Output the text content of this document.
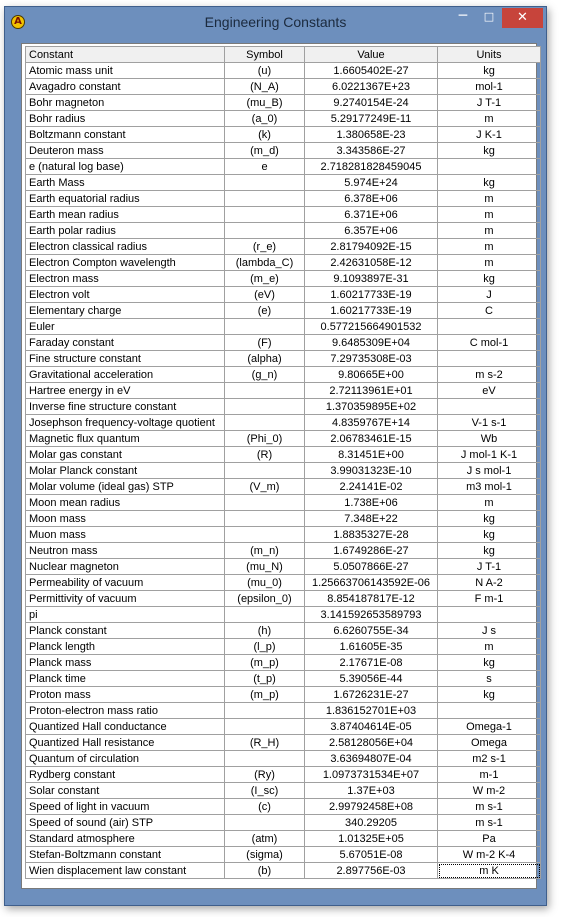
A	Engineering Constants	─	□	✕
Constant	Symbol	Value	Units
Atomic mass unit	(u)	1.6605402E-27	kg
Avagadro constant	(N_A)	6.0221367E+23	mol-1
Bohr magneton	(mu_B)	9.2740154E-24	J T-1
Bohr radius	(a_0)	5.29177249E-11	m
Boltzmann constant	(k)	1.380658E-23	J K-1
Deuteron mass	(m_d)	3.343586E-27	kg
e (natural log base)	e	2.718281828459045	
Earth Mass		5.974E+24	kg
Earth equatorial radius		6.378E+06	m
Earth mean radius		6.371E+06	m
Earth polar radius		6.357E+06	m
Electron classical radius	(r_e)	2.81794092E-15	m
Electron Compton wavelength	(lambda_C)	2.42631058E-12	m
Electron mass	(m_e)	9.1093897E-31	kg
Electron volt	(eV)	1.60217733E-19	J
Elementary charge	(e)	1.60217733E-19	C
Euler		0.577215664901532	
Faraday constant	(F)	9.6485309E+04	C mol-1
Fine structure constant	(alpha)	7.29735308E-03	
Gravitational acceleration	(g_n)	9.80665E+00	m s-2
Hartree energy in eV		2.72113961E+01	eV
Inverse fine structure constant		1.370359895E+02	
Josephson frequency-voltage quotient		4.8359767E+14	V-1 s-1
Magnetic flux quantum	(Phi_0)	2.06783461E-15	Wb
Molar gas constant	(R)	8.31451E+00	J mol-1 K-1
Molar Planck constant		3.99031323E-10	J s mol-1
Molar volume (ideal gas) STP	(V_m)	2.24141E-02	m3 mol-1
Moon mean radius		1.738E+06	m
Moon mass		7.348E+22	kg
Muon mass		1.8835327E-28	kg
Neutron mass	(m_n)	1.6749286E-27	kg
Nuclear magneton	(mu_N)	5.0507866E-27	J T-1
Permeability of vacuum	(mu_0)	1.25663706143592E-06	N A-2
Permittivity of vacuum	(epsilon_0)	8.854187817E-12	F m-1
pi		3.141592653589793	
Planck constant	(h)	6.6260755E-34	J s
Planck length	(l_p)	1.61605E-35	m
Planck mass	(m_p)	2.17671E-08	kg
Planck time	(t_p)	5.39056E-44	s
Proton mass	(m_p)	1.6726231E-27	kg
Proton-electron mass ratio		1.836152701E+03	
Quantized Hall conductance		3.87404614E-05	Omega-1
Quantized Hall resistance	(R_H)	2.58128056E+04	Omega
Quantum of circulation		3.63694807E-04	m2 s-1
Rydberg constant	(Ry)	1.0973731534E+07	m-1
Solar constant	(I_sc)	1.37E+03	W m-2
Speed of light in vacuum	(c)	2.99792458E+08	m s-1
Speed of sound (air) STP		340.29205	m s-1
Standard atmosphere	(atm)	1.01325E+05	Pa
Stefan-Boltzmann constant	(sigma)	5.67051E-08	W m-2 K-4
Wien displacement law constant	(b)	2.897756E-03	m K
